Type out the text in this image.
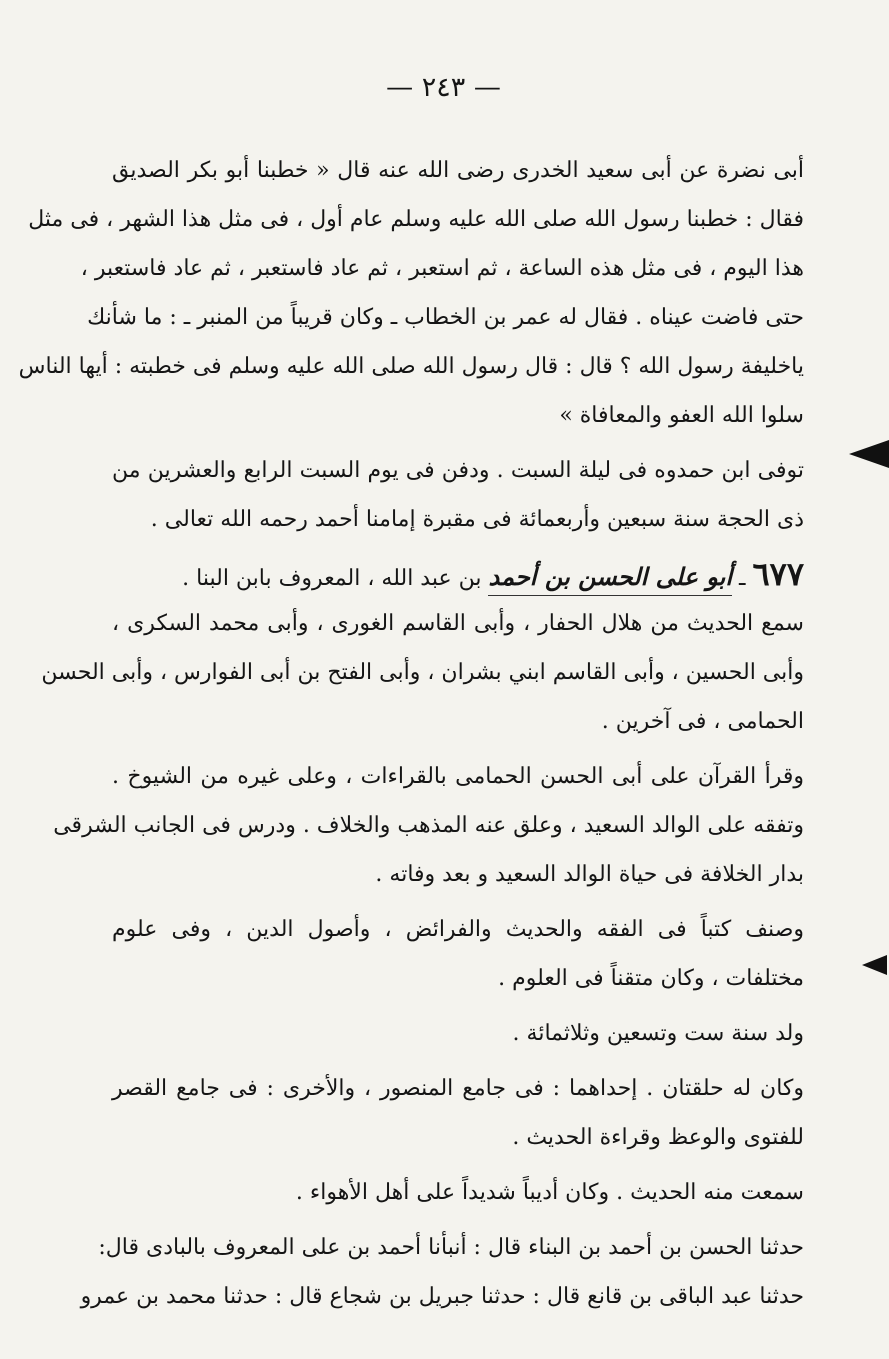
— ٢٤٣ —
أبى نضرة عن أبى سعيد الخدرى رضى الله عنه قال « خطبنا أبو بكر الصديق
فقال : خطبنا رسول الله صلى الله عليه وسلم عام أول ، فى مثل هذا الشهر ، فى مثل
هذا اليوم ، فى مثل هذه الساعة ، ثم استعبر ، ثم عاد فاستعبر ، ثم عاد فاستعبر ،
حتى فاضت عيناه . فقال له عمر بن الخطاب ـ وكان قريباً من المنبر ـ : ما شأنك
ياخليفة رسول الله ؟ قال : قال رسول الله صلى الله عليه وسلم فى خطبته : أيها الناس
سلوا الله العفو والمعافاة »
توفى ابن حمدوه فى ليلة السبت . ودفن فى يوم السبت الرابع والعشرين من
ذى الحجة سنة سبعين وأربعمائة فى مقبرة إمامنا أحمد رحمه الله تعالى .
٦٧٧ ـ أبو على الحسن بن أحمد بن عبد الله ، المعروف بابن البنا .
سمع الحديث من هلال الحفار ، وأبى القاسم الغورى ، وأبى محمد السكرى ،
وأبى الحسين ، وأبى القاسم ابني بشران ، وأبى الفتح بن أبى الفوارس ، وأبى الحسن
الحمامى ، فى آخرين .
وقرأ القرآن على أبى الحسن الحمامى بالقراءات ، وعلى غيره من الشيوخ .
وتفقه على الوالد السعيد ، وعلق عنه المذهب والخلاف . ودرس فى الجانب الشرقى
بدار الخلافة فى حياة الوالد السعيد و بعد وفاته .
وصنف كتباً فى الفقه والحديث والفرائض ، وأصول الدين ، وفى علوم
مختلفات ، وكان متقناً فى العلوم .
ولد سنة ست وتسعين وثلاثمائة .
وكان له حلقتان . إحداهما : فى جامع المنصور ، والأخرى : فى جامع القصر
للفتوى والوعظ وقراءة الحديث .
سمعت منه الحديث . وكان أديباً شديداً على أهل الأهواء .
حدثنا الحسن بن أحمد بن البناء قال : أنبأنا أحمد بن على المعروف بالبادى قال:
حدثنا عبد الباقى بن قانع قال : حدثنا جبريل بن شجاع قال : حدثنا محمد بن عمرو
